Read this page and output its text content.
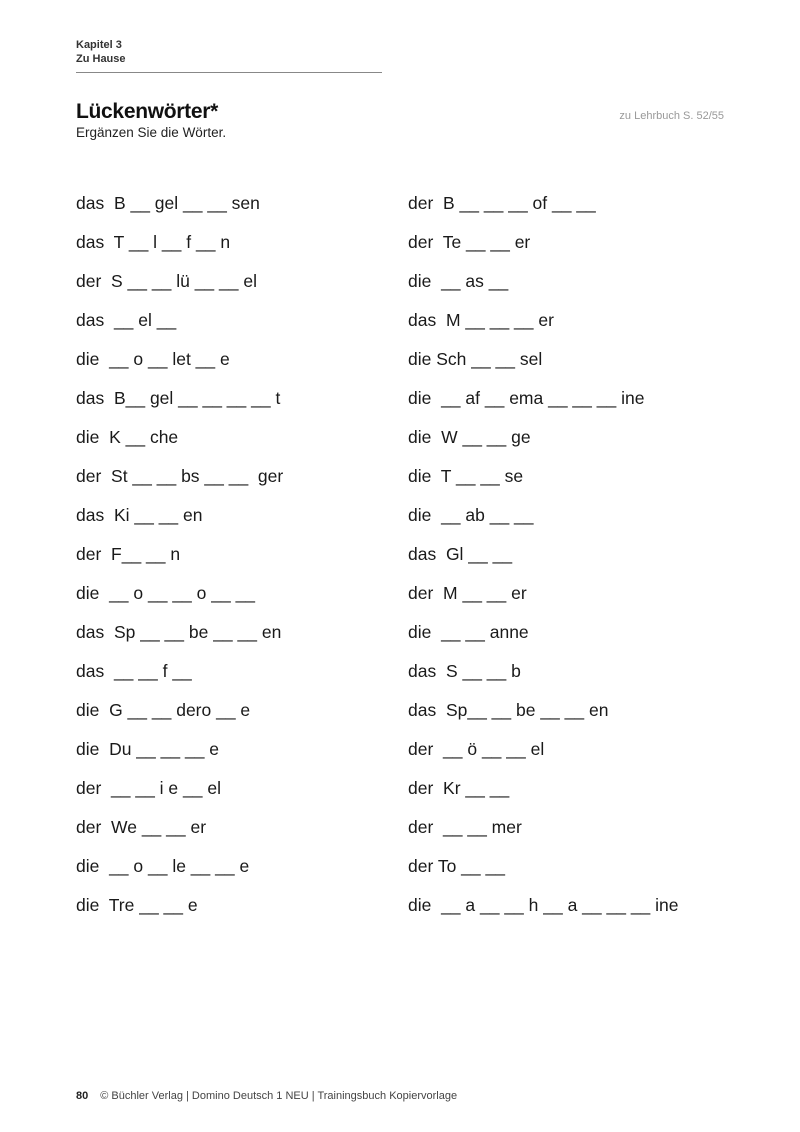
Kapitel 3
Zu Hause
Lückenwörter*
Ergänzen Sie die Wörter.
zu Lehrbuch S. 52/55
das  B __ gel __ __ sen
das  T __ l __ f __ n
der  S __ __ lü __ __ el
das  __ el __
die  __ o __ let __ e
das  B__ gel __ __ __ __ t
die  K __ che
der  St __ __ bs __ __  ger
das  Ki __ __ en
der  F__ __ n
die  __ o __ __ o __ __
das  Sp __ __ be __ __ en
das  __ __ f __
die  G __ __ dero __ e
die  Du __ __ __ e
der  __ __ i e __ el
der  We __ __ er
die  __ o __ le __ __ e
die  Tre __ __ e
der  B __ __ __ of __ __
der  Te __ __ er
die  __ as __
das  M __ __ __ er
die Sch __ __ sel
die  __ af __ ema __ __ __ ine
die  W __ __ ge
die  T __ __ se
die  __ ab __ __
das  Gl __ __
der  M __ __ er
die  __ __ anne
das  S __ __ b
das  Sp__ __ be __ __ en
der  __ ö __ __ el
der  Kr __ __
der  __ __ mer
der To __ __
die  __ a __ __ h __ a __ __ __ ine
80 © Büchler Verlag | Domino Deutsch 1 NEU | Trainingsbuch Kopiervorlage
